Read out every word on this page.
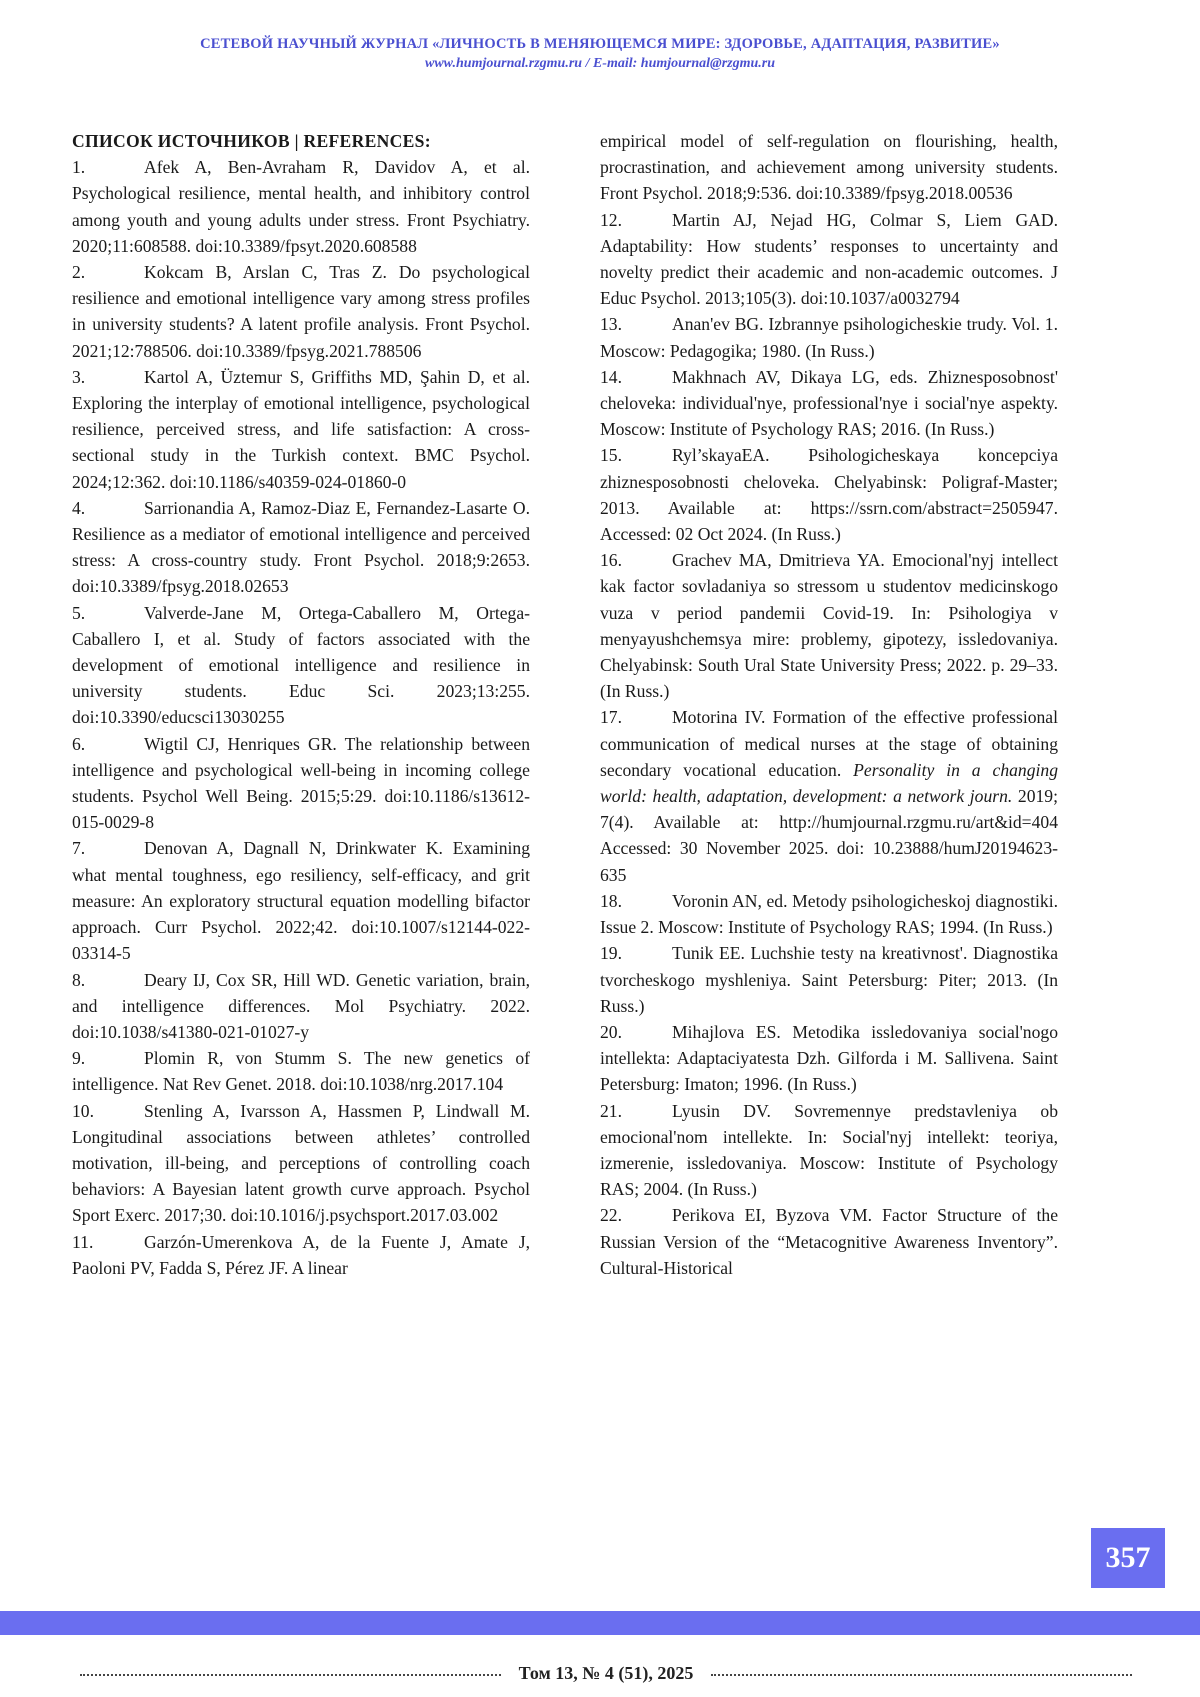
СЕТЕВОЙ НАУЧНЫЙ ЖУРНАЛ «ЛИЧНОСТЬ В МЕНЯЮЩЕМСЯ МИРЕ: ЗДОРОВЬЕ, АДАПТАЦИЯ, РАЗВИТИЕ»
www.humjournal.rzgmu.ru / E-mail: humjournal@rzgmu.ru
СПИСОК ИСТОЧНИКОВ | REFERENCES:

1.	Afek A, Ben-Avraham R, Davidov A, et al. Psychological resilience, mental health, and inhibitory control among youth and young adults under stress. Front Psychiatry. 2020;11:608588. doi:10.3389/fpsyt.2020.608588

2.	Kokcam B, Arslan C, Tras Z. Do psychological resilience and emotional intelligence vary among stress profiles in university students? A latent profile analysis. Front Psychol. 2021;12:788506. doi:10.3389/fpsyg.2021.788506

3.	Kartol A, Üztemur S, Griffiths MD, Şahin D, et al. Exploring the interplay of emotional intelligence, psychological resilience, perceived stress, and life satisfaction: A cross-sectional study in the Turkish context. BMC Psychol. 2024;12:362. doi:10.1186/s40359-024-01860-0

4.	Sarrionandia A, Ramoz-Diaz E, Fernandez-Lasarte O. Resilience as a mediator of emotional intelligence and perceived stress: A cross-country study. Front Psychol. 2018;9:2653. doi:10.3389/fpsyg.2018.02653

5.	Valverde-Jane M, Ortega-Caballero M, Ortega-Caballero I, et al. Study of factors associated with the development of emotional intelligence and resilience in university students. Educ Sci. 2023;13:255. doi:10.3390/educsci13030255

6.	Wigtil CJ, Henriques GR. The relationship between intelligence and psychological well-being in incoming college students. Psychol Well Being. 2015;5:29. doi:10.1186/s13612-015-0029-8

7.	Denovan A, Dagnall N, Drinkwater K. Examining what mental toughness, ego resiliency, self-efficacy, and grit measure: An exploratory structural equation modelling bifactor approach. Curr Psychol. 2022;42. doi:10.1007/s12144-022-03314-5

8.	Deary IJ, Cox SR, Hill WD. Genetic variation, brain, and intelligence differences. Mol Psychiatry. 2022. doi:10.1038/s41380-021-01027-y

9.	Plomin R, von Stumm S. The new genetics of intelligence. Nat Rev Genet. 2018. doi:10.1038/nrg.2017.104

10.	Stenling A, Ivarsson A, Hassmen P, Lindwall M. Longitudinal associations between athletes’ controlled motivation, ill-being, and perceptions of controlling coach behaviors: A Bayesian latent growth curve approach. Psychol Sport Exerc. 2017;30. doi:10.1016/j.psychsport.2017.03.002

11.	Garzón-Umerenkova A, de la Fuente J, Amate J, Paoloni PV, Fadda S, Pérez JF. A linear

empirical model of self-regulation on flourishing, health, procrastination, and achievement among university students. Front Psychol. 2018;9:536. doi:10.3389/fpsyg.2018.00536

12.	Martin AJ, Nejad HG, Colmar S, Liem GAD. Adaptability: How students’ responses to uncertainty and novelty predict their academic and non-academic outcomes. J Educ Psychol. 2013;105(3). doi:10.1037/a0032794

13.	Anan'ev BG. Izbrannye psihologicheskie trudy. Vol. 1. Moscow: Pedagogika; 1980. (In Russ.)

14.	Makhnach AV, Dikaya LG, eds. Zhiznesposobnost' cheloveka: individual'nye, professional'nye i social'nye aspekty. Moscow: Institute of Psychology RAS; 2016. (In Russ.)

15.	Ryl’skayaEA. Psihologicheskaya koncepciya zhiznesposobnosti cheloveka. Chelyabinsk: Poligraf-Master; 2013. Available at: https://ssrn.com/abstract=2505947. Accessed: 02 Oct 2024. (In Russ.)

16.	Grachev MA, Dmitrieva YA. Emocional'nyj intellect kak factor sovladaniya so stressom u studentov medicinskogo vuza v period pandemii Covid-19. In: Psihologiya v menyayushchemsya mire: problemy, gipotezy, issledovaniya. Chelyabinsk: South Ural State University Press; 2022. p. 29–33. (In Russ.)

17.	Motorina IV. Formation of the effective professional communication of medical nurses at the stage of obtaining secondary vocational education. Personality in a changing world: health, adaptation, development: a network journ. 2019; 7(4). Available at: http://humjournal.rzgmu.ru/art&id=404 Accessed: 30 November 2025. doi: 10.23888/humJ20194623-635

18.	Voronin AN, ed. Metody psihologicheskoj diagnostiki. Issue 2. Moscow: Institute of Psychology RAS; 1994. (In Russ.)

19.	Tunik EE. Luchshie testy na kreativnost'. Diagnostika tvorcheskogo myshleniya. Saint Petersburg: Piter; 2013. (In Russ.)

20.	Mihajlova ES. Metodika issledovaniya social'nogo intellekta: Adaptaciyatesta Dzh. Gilforda i M. Sallivena. Saint Petersburg: Imaton; 1996. (In Russ.)

21.	Lyusin DV. Sovremennye predstavleniya ob emocional'nom intellekte. In: Social'nyj intellekt: teoriya, izmerenie, issledovaniya. Moscow: Institute of Psychology RAS; 2004. (In Russ.)

22.	Perikova EI, Byzova VM. Factor Structure of the Russian Version of the “Metacognitive Awareness Inventory”. Cultural-Historical

357
Том 13, № 4 (51), 2025
